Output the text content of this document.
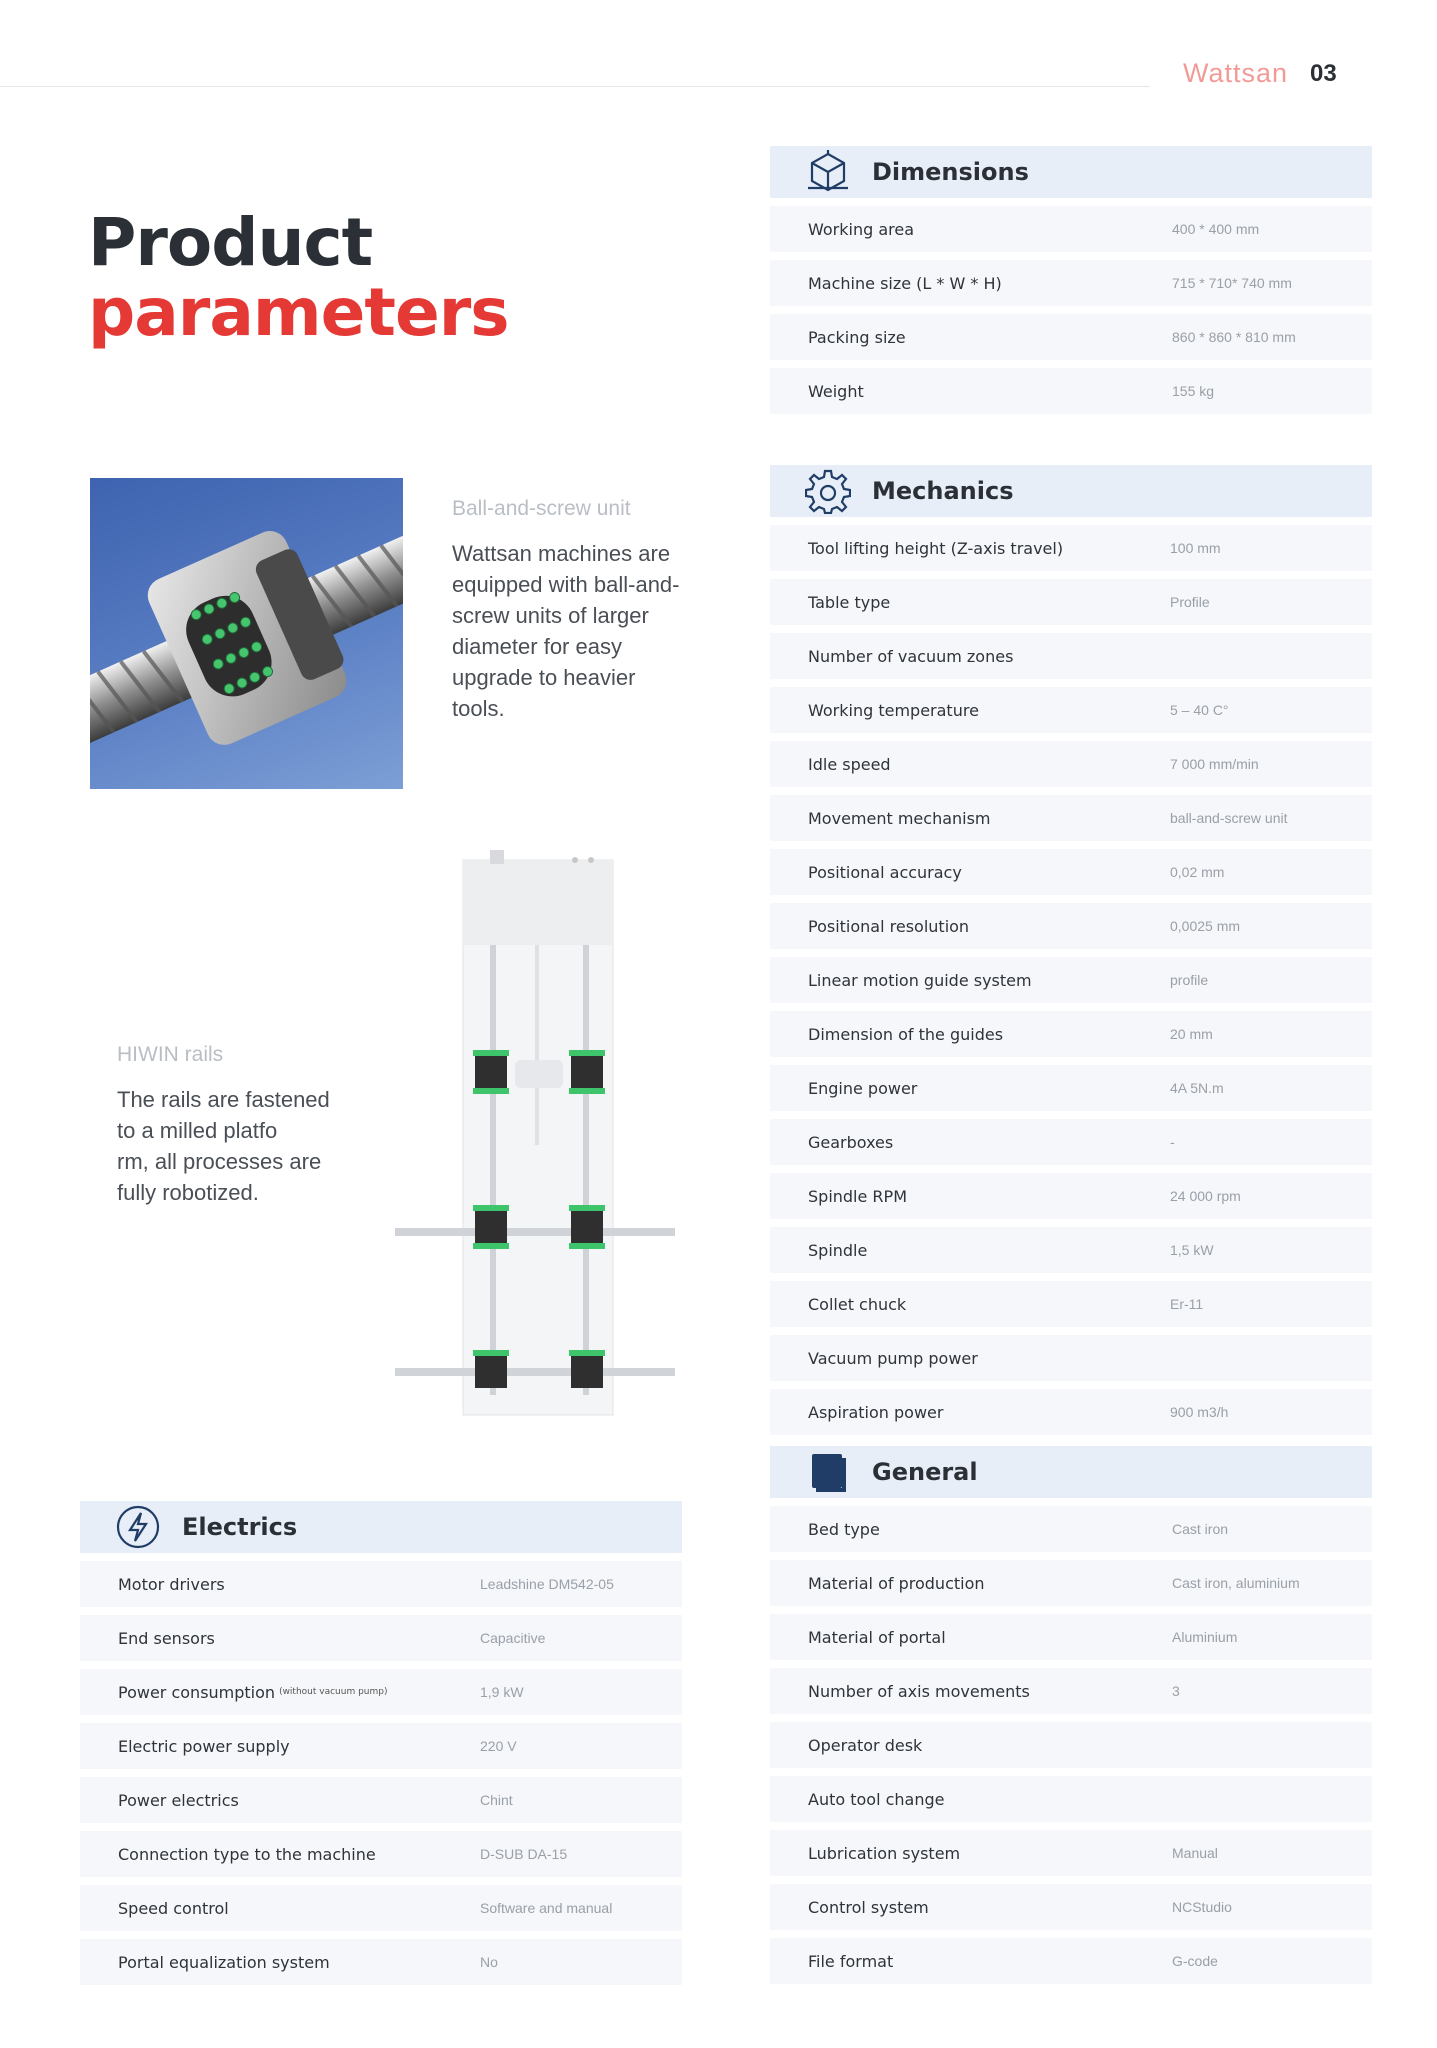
Wattsan 03
Product
parameters
Ball-and-screw unit
Wattsan machines are equipped with ball-and-screw units of larger diameter for easy upgrade to heavier tools.
HIWIN rails
The rails are fastened
to a milled platfo
rm, all processes are
fully robotized.
Dimensions
Working area	400 * 400 mm
Machine size (L * W * H)	715 * 710* 740 mm
Packing size	860 * 860 * 810 mm
Weight	155 kg
Mechanics
Tool lifting height (Z-axis travel)	100 mm
Table type	Profile
Number of vacuum zones
Working temperature	5 – 40 C°
Idle speed	7 000 mm/min
Movement mechanism	ball-and-screw unit
Positional accuracy	0,02 mm
Positional resolution	0,0025 mm
Linear motion guide system	profile
Dimension of the guides	20 mm
Engine power	4A 5N.m
Gearboxes	-
Spindle RPM	24 000 rpm
Spindle	1,5 kW
Collet chuck	Er-11
Vacuum pump power
Aspiration power	900 m3/h
General
Bed type	Cast iron
Material of production	Cast iron, aluminium
Material of portal	Aluminium
Number of axis movements	3
Operator desk
Auto tool change
Lubrication system	Manual
Control system	NCStudio
File format	G-code
Electrics
Motor drivers	Leadshine DM542-05
End sensors	Capacitive
Power consumption (without vacuum pump)	1,9 kW
Electric power supply	220 V
Power electrics	Chint
Connection type to the machine	D-SUB DA-15
Speed control	Software and manual
Portal equalization system	No
